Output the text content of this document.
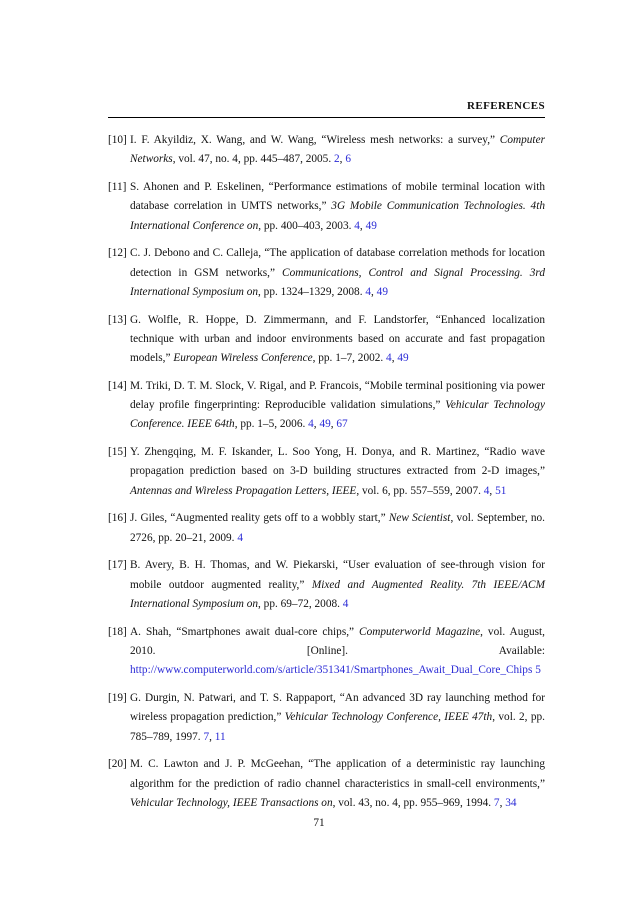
REFERENCES
[10] I. F. Akyildiz, X. Wang, and W. Wang, “Wireless mesh networks: a survey,” Computer Networks, vol. 47, no. 4, pp. 445–487, 2005. 2, 6
[11] S. Ahonen and P. Eskelinen, “Performance estimations of mobile terminal location with database correlation in UMTS networks,” 3G Mobile Communication Technologies. 4th International Conference on, pp. 400–403, 2003. 4, 49
[12] C. J. Debono and C. Calleja, “The application of database correlation methods for location detection in GSM networks,” Communications, Control and Signal Processing. 3rd International Symposium on, pp. 1324–1329, 2008. 4, 49
[13] G. Wolfle, R. Hoppe, D. Zimmermann, and F. Landstorfer, “Enhanced localization technique with urban and indoor environments based on accurate and fast propagation models,” European Wireless Conference, pp. 1–7, 2002. 4, 49
[14] M. Triki, D. T. M. Slock, V. Rigal, and P. Francois, “Mobile terminal positioning via power delay profile fingerprinting: Reproducible validation simulations,” Vehicular Technology Conference. IEEE 64th, pp. 1–5, 2006. 4, 49, 67
[15] Y. Zhengqing, M. F. Iskander, L. Soo Yong, H. Donya, and R. Martinez, “Radio wave propagation prediction based on 3-D building structures extracted from 2-D images,” Antennas and Wireless Propagation Letters, IEEE, vol. 6, pp. 557–559, 2007. 4, 51
[16] J. Giles, “Augmented reality gets off to a wobbly start,” New Scientist, vol. September, no. 2726, pp. 20–21, 2009. 4
[17] B. Avery, B. H. Thomas, and W. Piekarski, “User evaluation of see-through vision for mobile outdoor augmented reality,” Mixed and Augmented Reality. 7th IEEE/ACM International Symposium on, pp. 69–72, 2008. 4
[18] A. Shah, “Smartphones await dual-core chips,” Computerworld Magazine, vol. August, 2010. [Online]. Available: http://www.computerworld.com/s/article/351341/Smartphones_Await_Dual_Core_Chips 5
[19] G. Durgin, N. Patwari, and T. S. Rappaport, “An advanced 3D ray launching method for wireless propagation prediction,” Vehicular Technology Conference, IEEE 47th, vol. 2, pp. 785–789, 1997. 7, 11
[20] M. C. Lawton and J. P. McGeehan, “The application of a deterministic ray launching algorithm for the prediction of radio channel characteristics in small-cell environments,” Vehicular Technology, IEEE Transactions on, vol. 43, no. 4, pp. 955–969, 1994. 7, 34
71
